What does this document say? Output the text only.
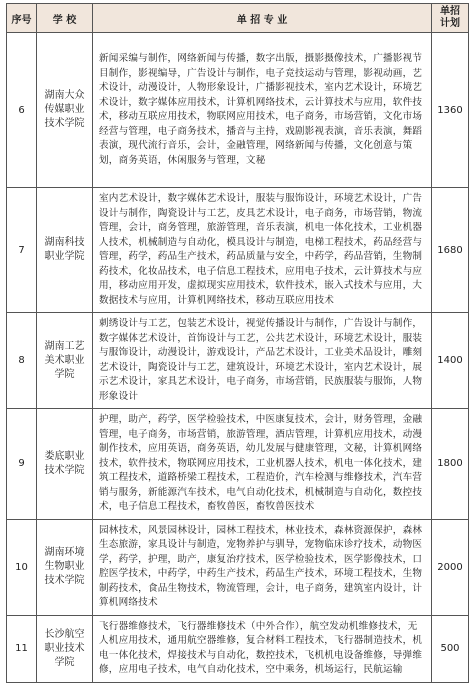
序号	学 校	单 招 专 业	单招
计划
6	湖南大众传媒职业技术学院	新闻采编与制作，网络新闻与传播，数字出版，摄影摄像技术，广播影视节目制作，影视编导，广告设计与制作，电子竞技运动与管理，影视动画，艺术设计，动漫设计，人物形象设计，广播影视技术，室内艺术设计，环境艺术设计，数字媒体应用技术，计算机网络技术，云计算技术与应用，软件技术，移动互联应用技术，物联网应用技术，电子商务，市场营销，文化市场经营与管理，电子商务技术，播音与主持，戏剧影视表演，音乐表演，舞蹈表演，现代流行音乐，会计，金融管理，网络新闻与传播，文化创意与策划，商务英语，休闲服务与管理，文秘	1360
7	湖南科技职业学院	室内艺术设计，数字媒体艺术设计，服装与服饰设计，环境艺术设计，广告设计与制作，陶瓷设计与工艺，皮具艺术设计，电子商务，市场营销，物流管理，会计，商务管理，旅游管理，音乐表演，机电一体化技术，工业机器人技术，机械制造与自动化，模具设计与制造，电梯工程技术，药品经营与管理，药学，药品生产技术，药品质量与安全，中药学，药品营销，生物制药技术，化妆品技术，电子信息工程技术，应用电子技术，云计算技术与应用，移动应用开发，虚拟现实应用技术，软件技术，嵌入式技术与应用，大数据技术与应用，计算机网络技术，移动互联应用技术	1680
8	湖南工艺美术职业学院	刺绣设计与工艺，包装艺术设计，视觉传播设计与制作，广告设计与制作，数字媒体艺术设计，首饰设计与工艺，公共艺术设计，环境艺术设计，服装与服饰设计，动漫设计，游戏设计，产品艺术设计，工业美术品设计，雕刻艺术设计，陶瓷设计与工艺，建筑设计，环境艺术设计，室内艺术设计，展示艺术设计，家具艺术设计，电子商务，市场营销，民族服装与服饰，人物形象设计	1400
9	娄底职业技术学院	护理，助产，药学，医学检验技术，中医康复技术，会计，财务管理，金融管理，电子商务，市场营销，旅游管理，酒店管理，计算机应用技术，动漫制作技术，应用英语，商务英语，幼儿发展与健康管理，文秘，计算机网络技术，软件技术，物联网应用技术，工业机器人技术，机电一体化技术，建筑工程技术，道路桥梁工程技术，工程造价，汽车检测与维修技术，汽车营销与服务，新能源汽车技术，电气自动化技术，机械制造与自动化，数控技术，电子信息工程技术，畜牧兽医，畜牧兽医技术	1800
10	湖南环境生物职业技术学院	园林技术，风景园林设计，园林工程技术，林业技术，森林资源保护，森林生态旅游，家具设计与制造，宠物养护与驯导，宠物临床诊疗技术，动物医学，药学，护理，助产，康复治疗技术，医学检验技术，医学影像技术，口腔医学技术，中药学，中药生产技术，药品生产技术，环境工程技术，生物制药技术，食品生物技术，物流管理，会计，电子商务，建筑室内设计，计算机网络技术	2000
11	长沙航空职业技术学院	飞行器维修技术，飞行器维修技术（中外合作），航空发动机维修技术，无人机应用技术，通用航空器维修，复合材料工程技术，飞行器制造技术，机电一体化技术，焊接技术与自动化，数控技术，飞机机电设备维修，导弹维修，应用电子技术，电气自动化技术，空中乘务，机场运行，民航运输	500
